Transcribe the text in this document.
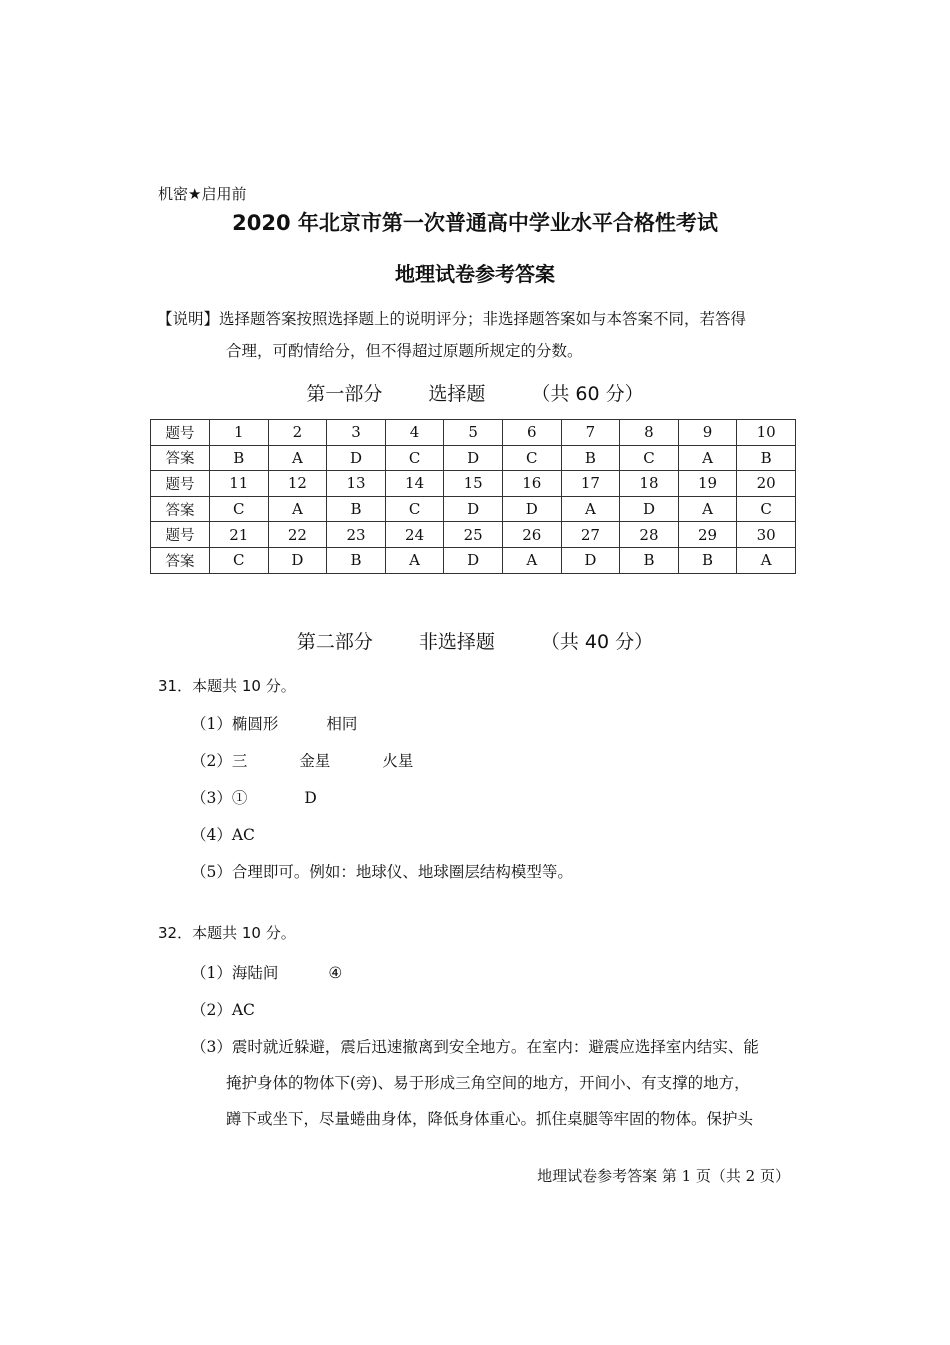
机密★启用前
2020 年北京市第一次普通高中学业水平合格性考试
地理试卷参考答案
【说明】选择题答案按照选择题上的说明评分；非选择题答案如与本答案不同，若答得
合理，可酌情给分，但不得超过原题所规定的分数。
第一部分 选择题 （共 60 分）
题号	1	2	3	4	5	6	7	8	9	10
答案	B	A	D	C	D	C	B	C	A	B
题号	11	12	13	14	15	16	17	18	19	20
答案	C	A	B	C	D	D	A	D	A	C
题号	21	22	23	24	25	26	27	28	29	30
答案	C	D	B	A	D	A	D	B	B	A
第二部分 非选择题 （共 40 分）
31．本题共 10 分。
（1）椭圆形	相同
（2）三	金星	火星
（3）①	D
（4）AC
（5）合理即可。例如：地球仪、地球圈层结构模型等。
32．本题共 10 分。
（1）海陆间	④
（2）AC
（3）震时就近躲避，震后迅速撤离到安全地方。在室内：避震应选择室内结实、能
掩护身体的物体下(旁)、易于形成三角空间的地方，开间小、有支撑的地方，
蹲下或坐下，尽量蜷曲身体，降低身体重心。抓住桌腿等牢固的物体。保护头
地理试卷参考答案 第 1 页（共 2 页）
